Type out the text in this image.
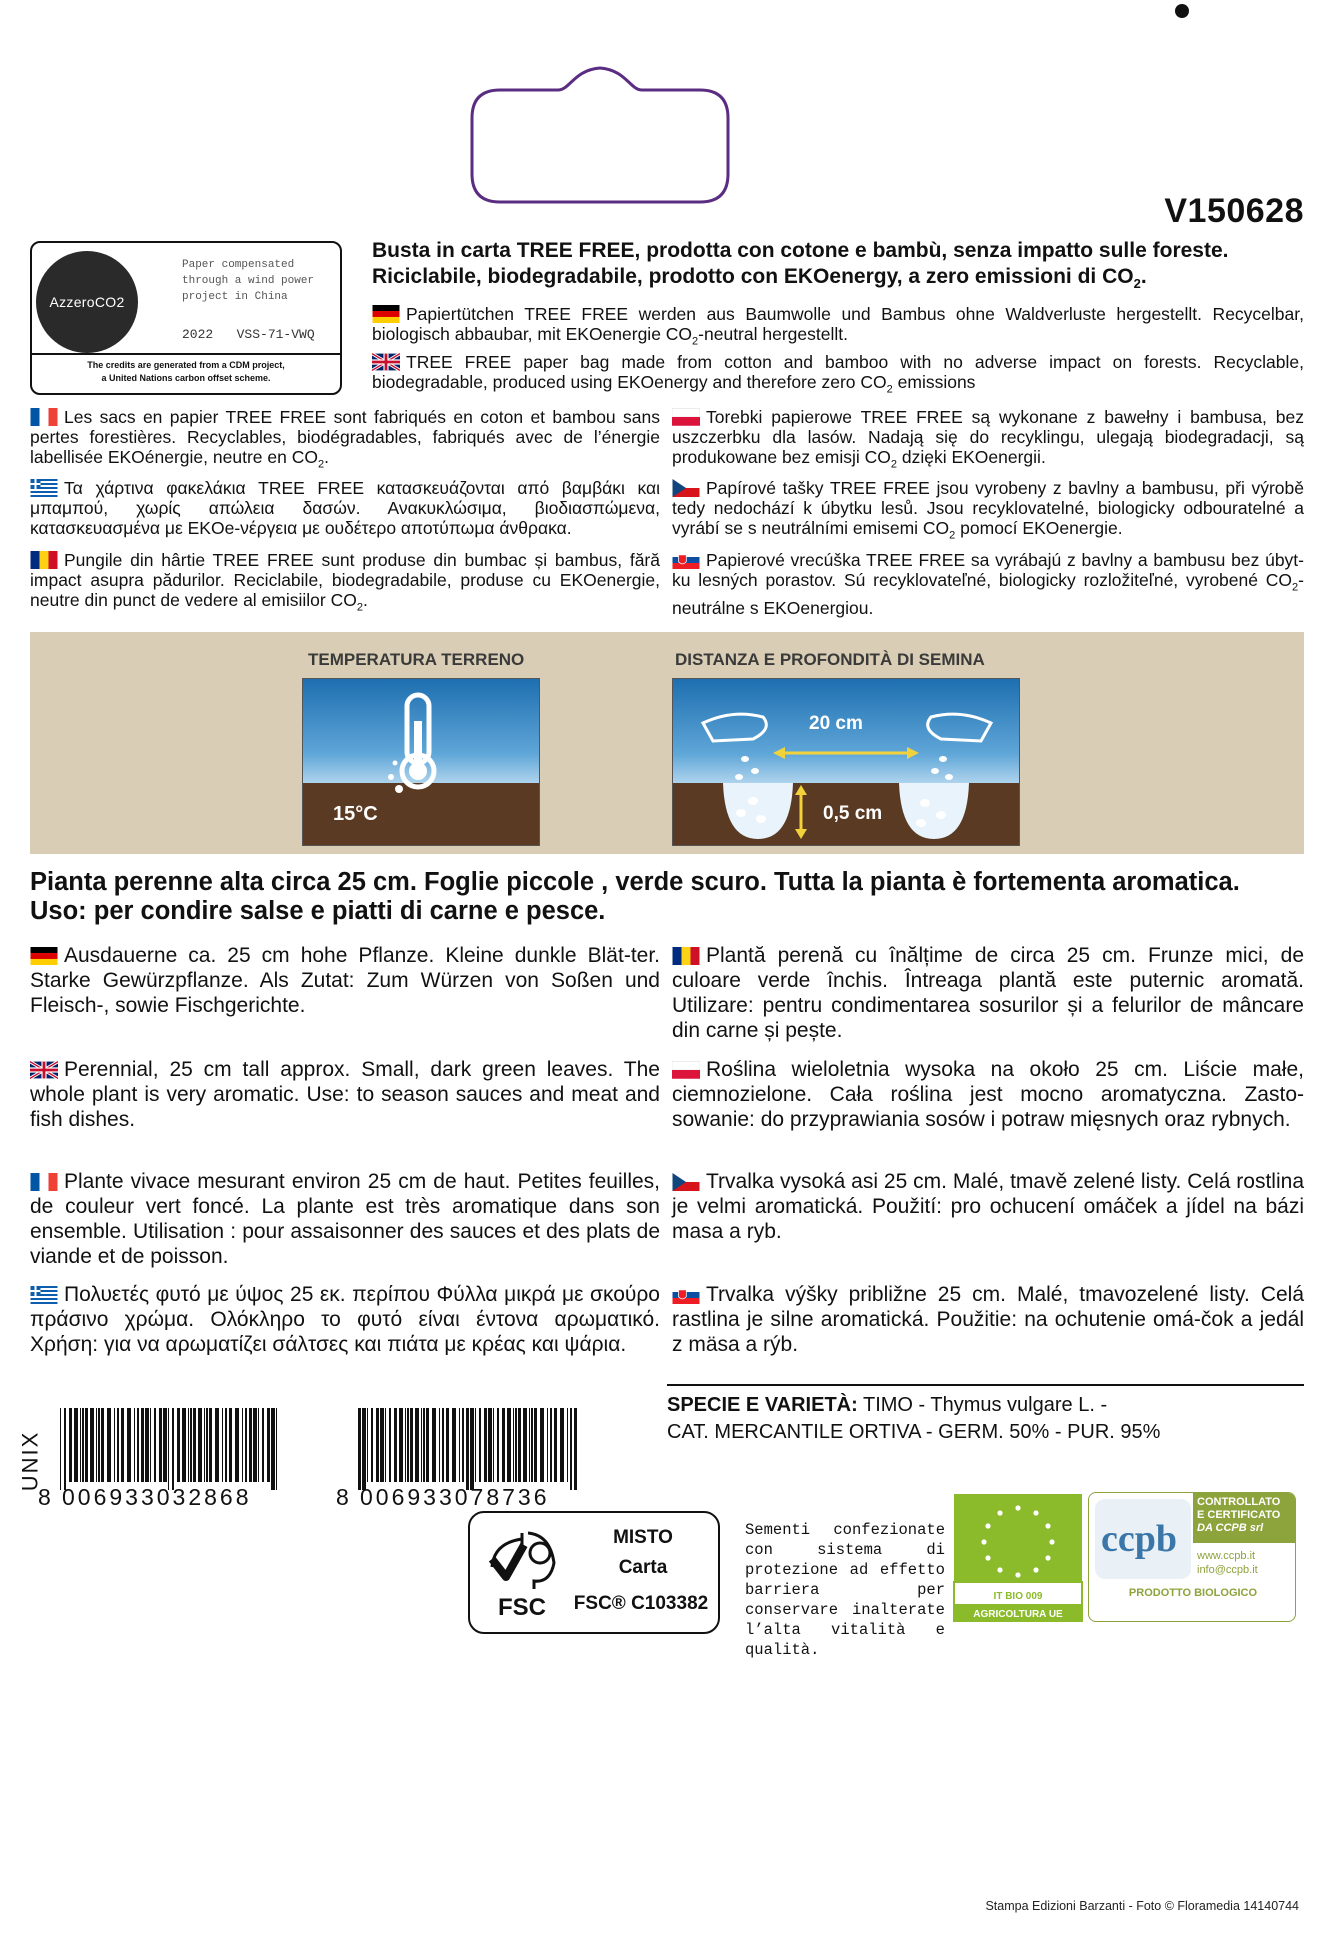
V150628
AzzeroCO2
Paper compensated
through a wind power
project in China
2022 VSS-71-VWQ
The credits are generated from a CDM project,
a United Nations carbon offset scheme.
Busta in carta TREE FREE, prodotta con cotone e bambù, senza impatto sulle foreste.
Riciclabile, biodegradabile, prodotto con EKOenergy, a zero emissioni di $CO_2$.
Papiertütchen TREE FREE werden aus Baumwolle und Bambus ohne Waldverluste hergestellt. Recycelbar, biologisch abbaubar, mit EKOenergie $CO_2$-neutral hergestellt.
TREE FREE paper bag made from cotton and bamboo with no adverse impact on forests. Recyclable, biodegradable, produced using EKOenergy and therefore zero $CO_2$ emissions
Les sacs en papier TREE FREE sont fabriqués en coton et bambou sans pertes forestières. Recyclables, biodégradables, fabriqués avec de l’énergie labellisée EKOénergie, neutre en $CO_2$.
Τα χάρτινα φακελάκια TREE FREE κατασκευάζονται από βαμβάκι και μπαμπού, χωρίς απώλεια δασών. Ανακυκλώσιμα, βιοδιασπώμενα, κατασκευασμένα με EKOe-νέργεια με ουδέτερο αποτύπωμα άνθρακα.
Pungile din hârtie TREE FREE sunt produse din bumbac și bambus, fără impact asupra pădurilor. Reciclabile, biodegradabile, produse cu EKOenergie, neutre din punct de vedere al emisiilor $CO_2$.
Torebki papierowe TREE FREE są wykonane z bawełny i bambusa, bez uszczerbku dla lasów. Nadają się do recyklingu, ulegają biodegradacji, są produkowane bez emisji $CO_2$ dzięki EKOenergii.
Papírové tašky TREE FREE jsou vyrobeny z bavlny a bambusu, při výrobě tedy nedochází k úbytku lesů. Jsou recyklovatelné, biologicky odbouratelné a vyrábí se s neutrálními emisemi $CO_2$ pomocí EKOenergie.
Papierové vrecúška TREE FREE sa vyrábajú z bavlny a bambusu bez úbyt-ku lesných porastov. Sú recyklovateľné, biologicky rozložiteľné, vyrobené $CO_2$-neutrálne s EKOenergiou.
TEMPERATURA TERRENO	DISTANZA E PROFONDITÀ DI SEMINA
15°C
20 cm
0,5 cm
Pianta perenne alta circa 25 cm. Foglie piccole , verde scuro. Tutta la pianta è fortementa aromatica.
Uso: per condire salse e piatti di carne e pesce.
Ausdauerne ca. 25 cm hohe Pflanze. Kleine dunkle Blät-ter. Starke Gewürzpflanze. Als Zutat: Zum Würzen von Soßen und Fleisch-, sowie Fischgerichte.
Perennial, 25 cm tall approx. Small, dark green leaves. The whole plant is very aromatic. Use: to season sauces and meat and fish dishes.
Plante vivace mesurant environ 25 cm de haut. Petites feuilles, de couleur vert foncé. La plante est très aromatique dans son ensemble. Utilisation : pour assaisonner des sauces et des plats de viande et de poisson.
Πολυετές φυτό με ύψος 25 εκ. περίπου Φύλλα μικρά με σκούρο πράσινο χρώμα. Ολόκληρο το φυτό είναι έντονα αρωματικό. Χρήση: για να αρωματίζει σάλτσες και πιάτα με κρέας και ψάρια.
Plantă perenă cu înălțime de circa 25 cm. Frunze mici, de culoare verde închis. Întreaga plantă este puternic aromată. Utilizare: pentru condimentarea sosurilor și a felurilor de mâncare din carne și pește.
Roślina wieloletnia wysoka na około 25 cm. Liście małe, ciemnozielone. Cała roślina jest mocno aromatyczna. Zasto-sowanie: do przyprawiania sosów i potraw mięsnych oraz rybnych.
Trvalka vysoká asi 25 cm. Malé, tmavě zelené listy. Celá rostlina je velmi aromatická. Použití: pro ochucení omáček a jídel na bázi masa a ryb.
Trvalka výšky približne 25 cm. Malé, tmavozelené listy. Celá rastlina je silne aromatická. Použitie: na ochutenie omá-čok a jedál z mäsa a rýb.
SPECIE E VARIETÀ: TIMO - Thymus vulgare L. -
CAT. MERCANTILE ORTIVA - GERM. 50% - PUR. 95%
UNIX
8 006933032868	8 006933078736
FSC
MISTO
Carta
FSC® C103382
Sementi confezionate con sistema di protezione ad effetto barriera per conservare inalterate l’alta vitalità e qualità.
IT BIO 009
AGRICOLTURA UE
ccpb
CONTROLLATO
E CERTIFICATO
DA CCPB srl
www.ccpb.it
info@ccpb.it
PRODOTTO BIOLOGICO
Stampa Edizioni Barzanti - Foto © Floramedia 14140744
